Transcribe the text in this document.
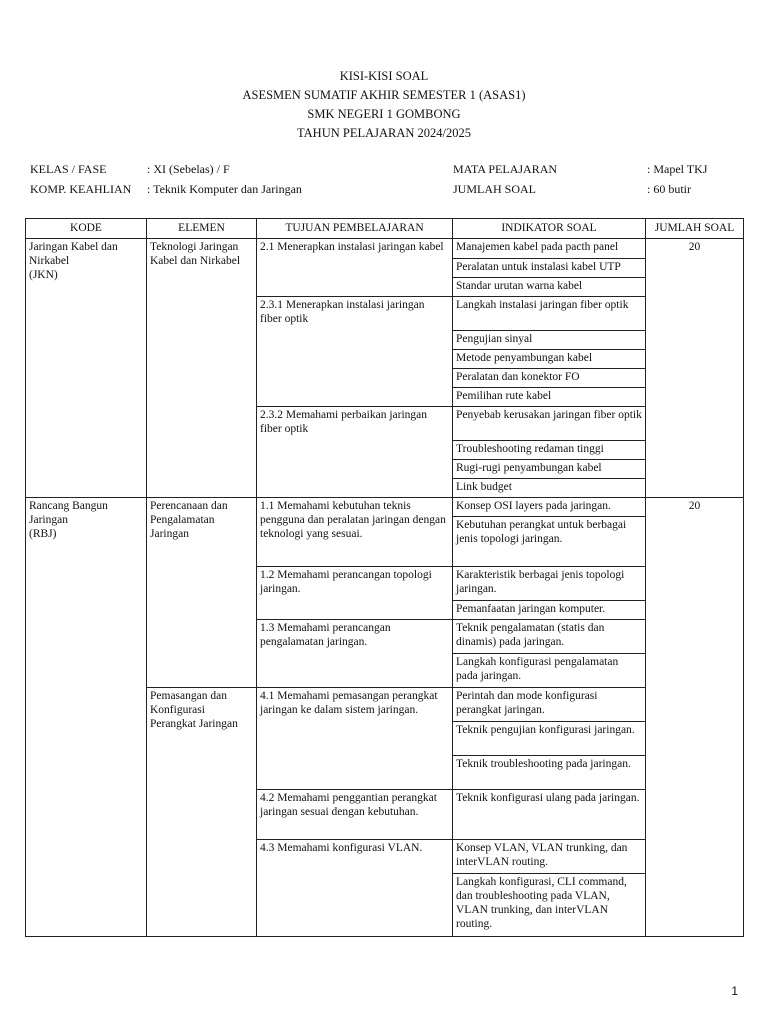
KISI-KISI SOAL
ASESMEN SUMATIF AKHIR SEMESTER 1 (ASAS1)
SMK NEGERI 1 GOMBONG
TAHUN PELAJARAN 2024/2025
KELAS / FASE	: XI (Sebelas) / F	MATA PELAJARAN	: Mapel TKJ
KOMP. KEAHLIAN : Teknik Komputer dan Jaringan	JUMLAH SOAL	: 60 butir
KODE	ELEMEN	TUJUAN PEMBELAJARAN	INDIKATOR SOAL	JUMLAH SOAL

Jaringan Kabel dan Nirkabel
(JKN)	Teknologi Jaringan Kabel dan Nirkabel	2.1 Menerapkan instalasi jaringan kabel	Manajemen kabel pada pacth panel	20
			Peralatan untuk instalasi kabel UTP	
			Standar urutan warna kabel	
		2.3.1 Menerapkan instalasi jaringan fiber optik	Langkah instalasi jaringan fiber optik	
			Pengujian sinyal	
			Metode penyambungan kabel	
			Peralatan dan konektor FO	
			Pemilihan rute kabel	
		2.3.2 Memahami perbaikan jaringan fiber optik	Penyebab kerusakan jaringan fiber optik	
			Troubleshooting redaman tinggi	
			Rugi-rugi penyambungan kabel	
			Link budget	

Rancang Bangun Jaringan
(RBJ)	Perencanaan dan Pengalamatan Jaringan	1.1 Memahami kebutuhan teknis pengguna dan peralatan jaringan dengan teknologi yang sesuai.	Konsep OSI layers pada jaringan.	20
			Kebutuhan perangkat untuk berbagai jenis topologi jaringan.	
		1.2 Memahami perancangan topologi jaringan.	Karakteristik berbagai jenis topologi jaringan.	
			Pemanfaatan jaringan komputer.	
		1.3 Memahami perancangan pengalamatan jaringan.	Teknik pengalamatan (statis dan dinamis) pada jaringan.	
			Langkah konfigurasi pengalamatan pada jaringan.	
	Pemasangan dan Konfigurasi Perangkat Jaringan	4.1 Memahami pemasangan perangkat jaringan ke dalam sistem jaringan.	Perintah dan mode konfigurasi perangkat jaringan.	
			Teknik pengujian konfigurasi jaringan.	
			Teknik troubleshooting pada jaringan.	
		4.2 Memahami penggantian perangkat jaringan sesuai dengan kebutuhan.	Teknik konfigurasi ulang pada jaringan.	
		4.3 Memahami konfigurasi VLAN.	Konsep VLAN, VLAN trunking, dan interVLAN routing.	
			Langkah konfigurasi, CLI command, dan troubleshooting pada VLAN, VLAN trunking, dan interVLAN routing.	
1
